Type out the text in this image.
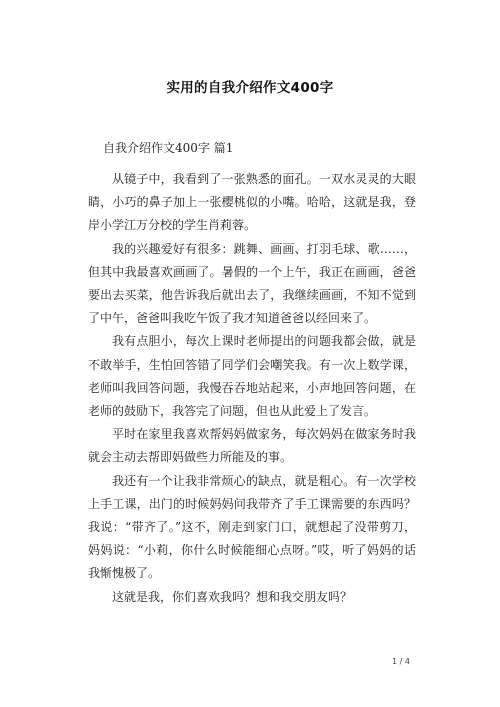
实用的自我介绍作文400字
自我介绍作文400字 篇1

从镜子中，我看到了一张熟悉的面孔。一双水灵灵的大眼睛，小巧的鼻子加上一张樱桃似的小嘴。哈哈，这就是我，登岸小学江万分校的学生肖莉蓉。

我的兴趣爱好有很多：跳舞、画画、打羽毛球、歌……，但其中我最喜欢画画了。暑假的一个上午，我正在画画，爸爸要出去买菜，他告诉我后就出去了，我继续画画，不知不觉到了中午，爸爸叫我吃午饭了我才知道爸爸以经回来了。

我有点胆小，每次上课时老师提出的问题我都会做，就是不敢举手，生怕回答错了同学们会嘲笑我。有一次上数学课，老师叫我回答问题，我慢吞吞地站起来，小声地回答问题，在老师的鼓励下，我答完了问题，但也从此爱上了发言。

平时在家里我喜欢帮妈妈做家务，每次妈妈在做家务时我就会主动去帮即妈做些力所能及的事。

我还有一个让我非常烦心的缺点，就是粗心。有一次学校上手工课，出门的时候妈妈问我带齐了手工课需要的东西吗？我说：“带齐了。”这不，刚走到家门口，就想起了没带剪刀，妈妈说：“小莉，你什么时候能细心点呀。”哎，听了妈妈的话我惭愧极了。

这就是我，你们喜欢我吗？想和我交朋友吗？

1 / 4
